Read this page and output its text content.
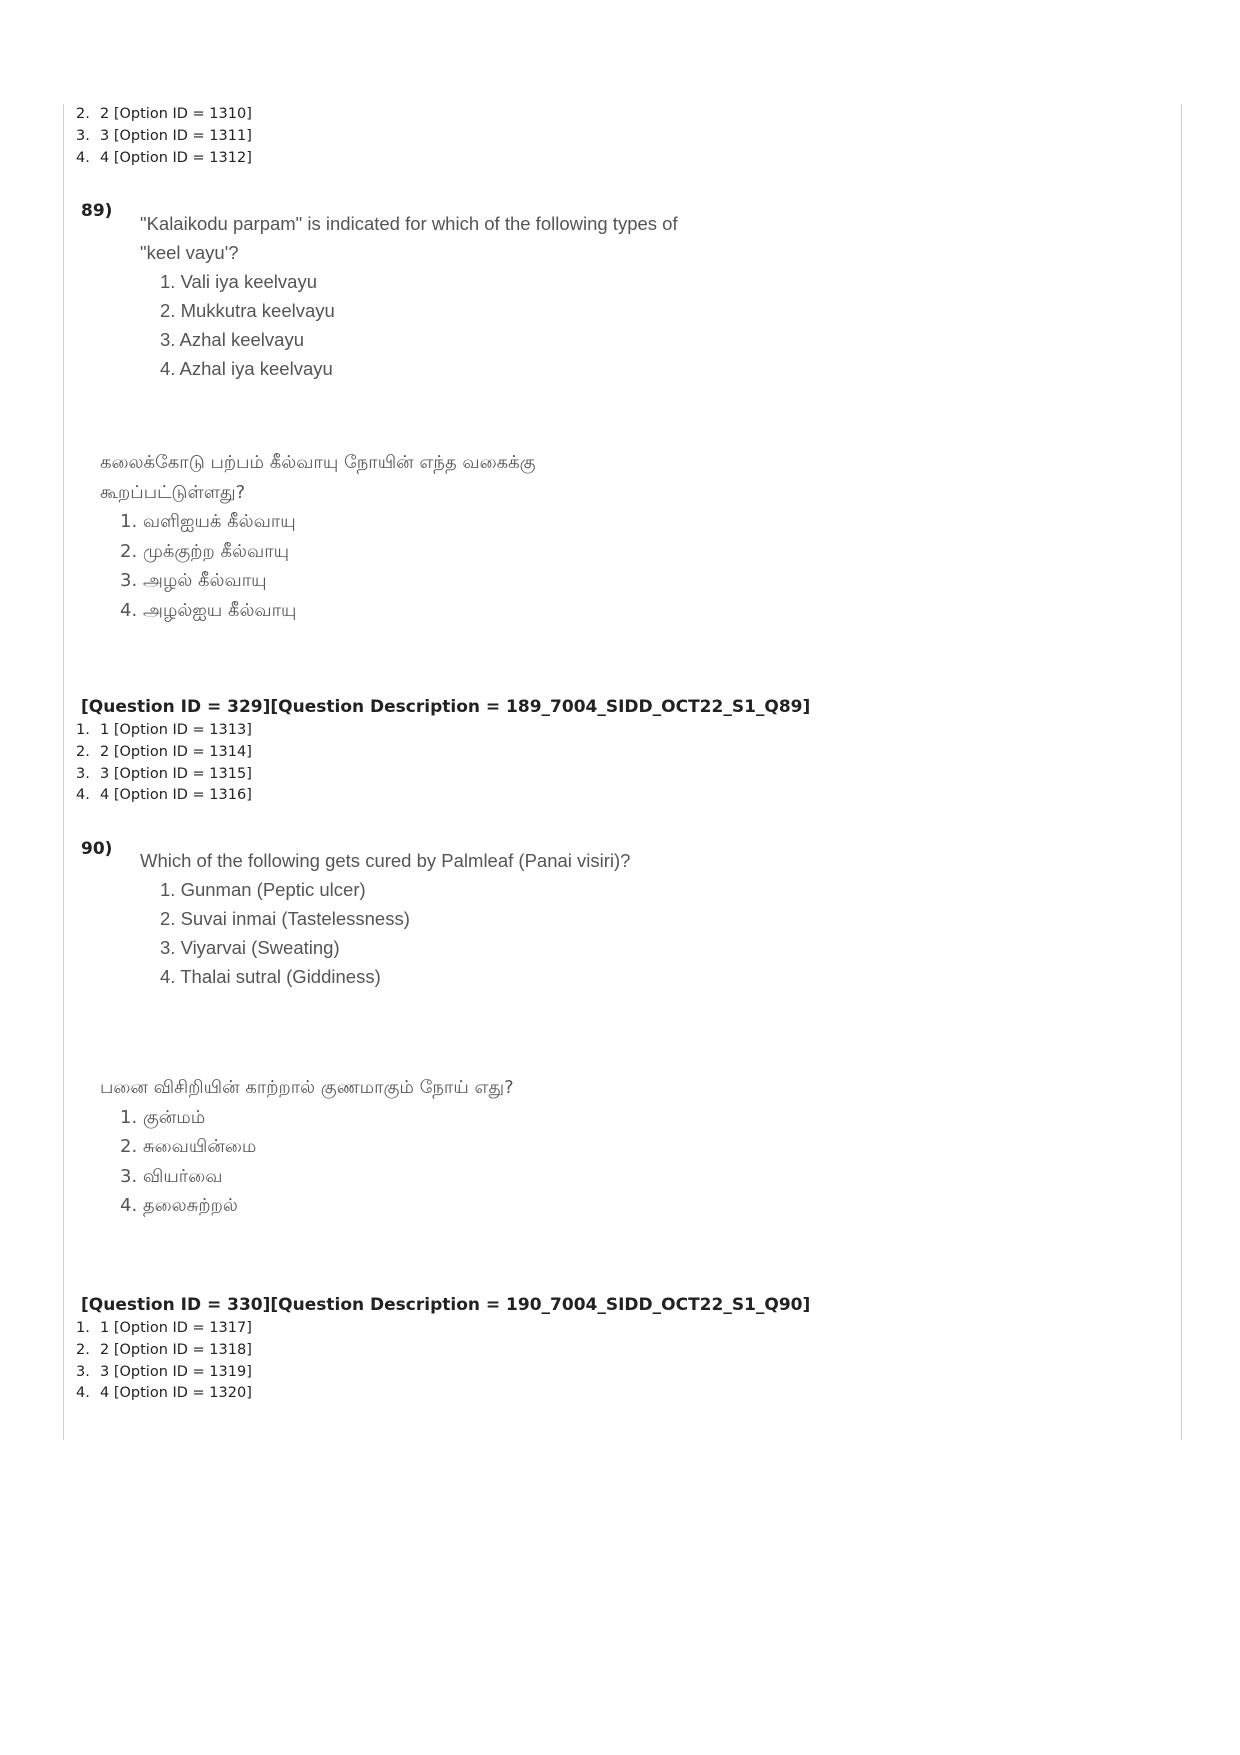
2. 2 [Option ID = 1310]
3. 3 [Option ID = 1311]
4. 4 [Option ID = 1312]
89)
"Kalaikodu parpam" is indicated for which of the following types of
"keel vayu'?
1. Vali iya keelvayu
2. Mukkutra keelvayu
3. Azhal keelvayu
4. Azhal iya keelvayu
கலைக்கோடு பற்பம் கீல்வாயு நோயின் எந்த வகைக்கு
கூறப்பட்டுள்ளது?
1. வளிஐயக் கீல்வாயு
2. முக்குற்ற கீல்வாயு
3. அழல் கீல்வாயு
4. அழல்ஐய கீல்வாயு
[Question ID = 329][Question Description = 189_7004_SIDD_OCT22_S1_Q89]
1. 1 [Option ID = 1313]
2. 2 [Option ID = 1314]
3. 3 [Option ID = 1315]
4. 4 [Option ID = 1316]
90)
Which of the following gets cured by Palmleaf (Panai visiri)?
1. Gunman (Peptic ulcer)
2. Suvai inmai (Tastelessness)
3. Viyarvai (Sweating)
4. Thalai sutral (Giddiness)
பனை விசிறியின் காற்றால் குணமாகும் நோய் எது?
1. குன்மம்
2. சுவையின்மை
3. வியர்வை
4. தலைசுற்றல்
[Question ID = 330][Question Description = 190_7004_SIDD_OCT22_S1_Q90]
1. 1 [Option ID = 1317]
2. 2 [Option ID = 1318]
3. 3 [Option ID = 1319]
4. 4 [Option ID = 1320]
